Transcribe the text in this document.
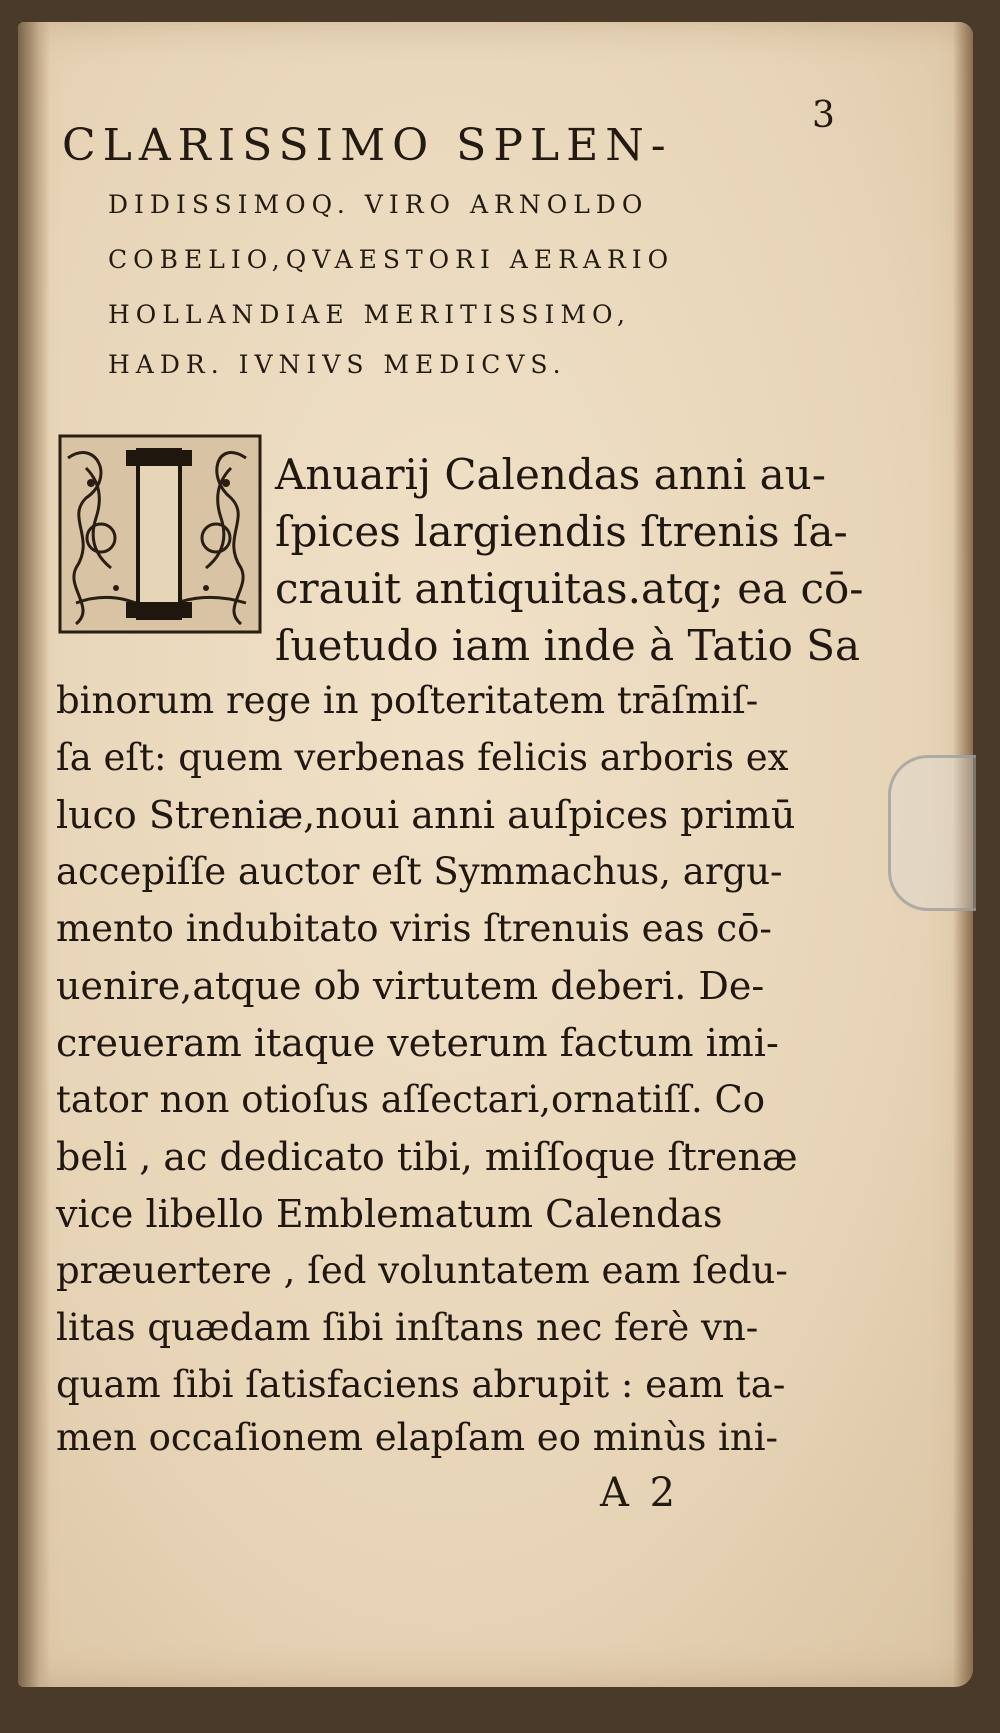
3
CLARISSIMO SPLEN-
DIDISSIMOQ. VIRO ARNOLDO
COBELIO,QVAESTORI AERARIO
HOLLANDIAE MERITISSIMO,
HADR. IVNIVS MEDICVS.
I
Anuarij Calendas anni au-
ſpices largiendis ſtrenis ſa-
crauit antiquitas.atq; ea cō-
ſuetudo iam inde à Tatio Sa
binorum rege in poſteritatem trāſmiſ-
ſa eſt: quem verbenas felicis arboris ex
luco Streniæ,noui anni auſpices primū
accepiſſe auctor eſt Symmachus, argu-
mento indubitato viris ſtrenuis eas cō-
uenire,atque ob virtutem deberi. De-
creueram itaque veterum factum imi-
tator non otioſus aſſectari,ornatiſſ. Co
beli , ac dedicato tibi, miſſoque ſtrenæ
vice libello Emblematum Calendas
præuertere , ſed voluntatem eam ſedu-
litas quædam ſibi inſtans nec ferè vn-
quam ſibi ſatisfaciens abrupit : eam ta-
men occaſionem elapſam eo minùs ini-
A 2
